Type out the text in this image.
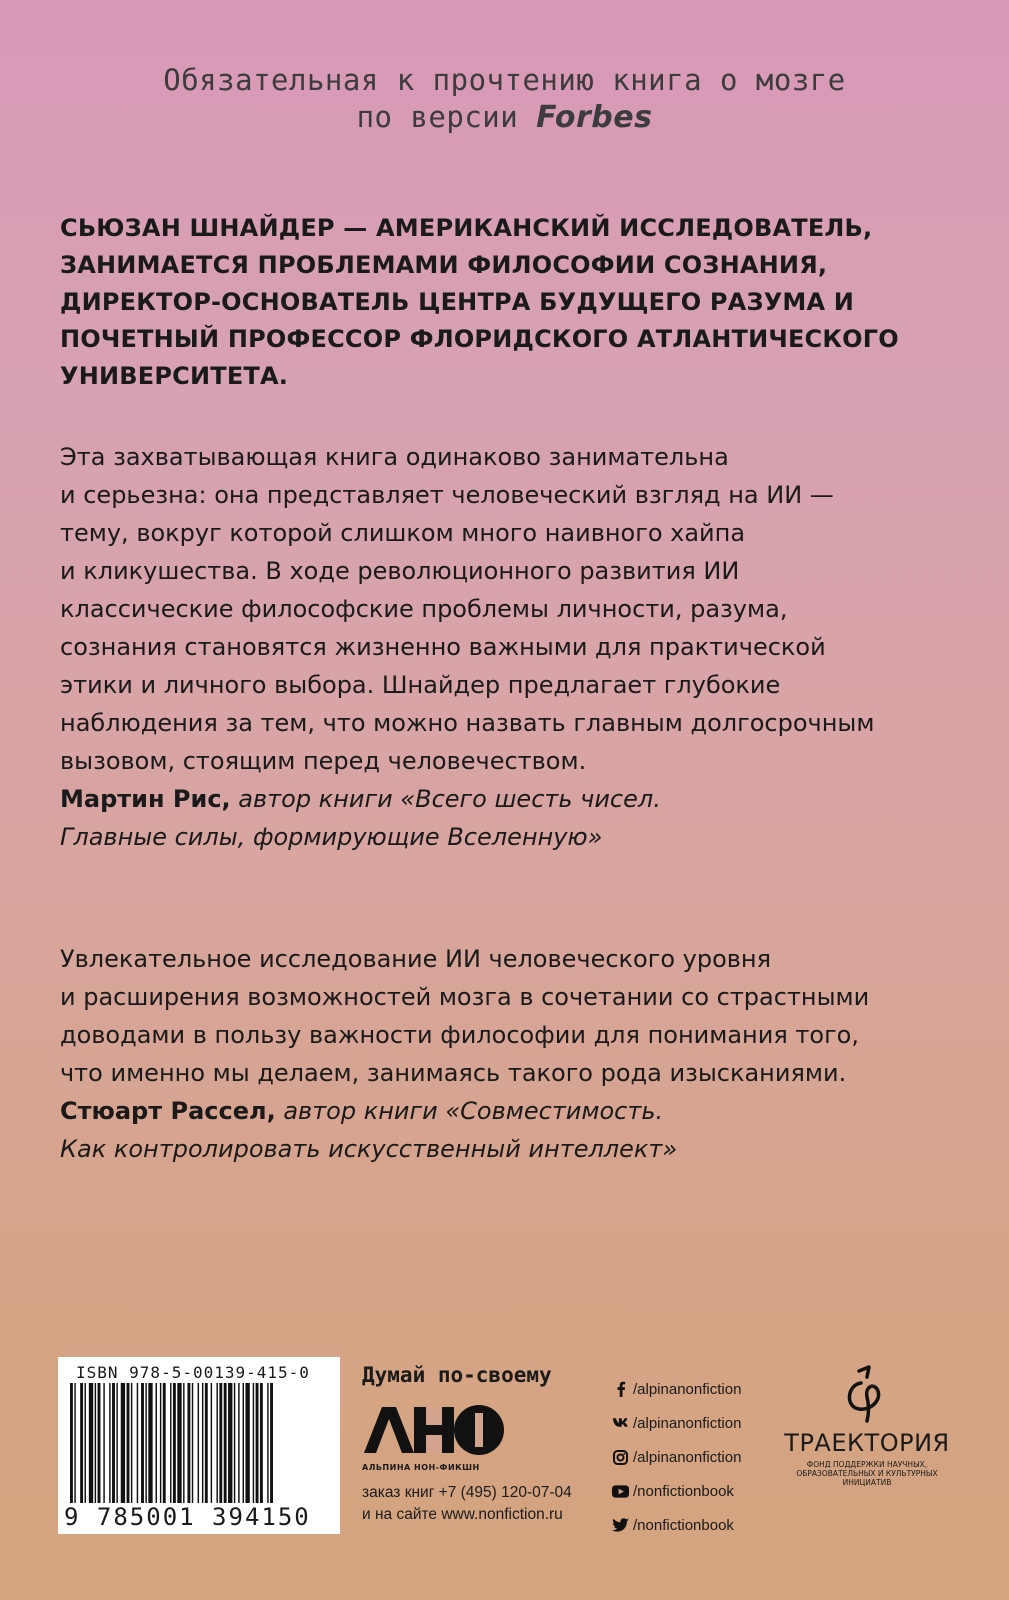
Обязательная к прочтению книга о мозге
по версии Forbes
СЬЮЗАН ШНАЙДЕР — АМЕРИКАНСКИЙ ИССЛЕДОВАТЕЛЬ, ЗАНИМАЕТСЯ ПРОБЛЕМАМИ ФИЛОСОФИИ СОЗНАНИЯ, ДИРЕКТОР-ОСНОВАТЕЛЬ ЦЕНТРА БУДУЩЕГО РАЗУМА И ПОЧЕТНЫЙ ПРОФЕССОР ФЛОРИДСКОГО АТЛАНТИЧЕСКОГО УНИВЕРСИТЕТА.

Эта захватывающая книга одинаково занимательна
и серьезна: она представляет человеческий взгляд на ИИ —
тему, вокруг которой слишком много наивного хайпа
и кликушества. В ходе революционного развития ИИ
классические философские проблемы личности, разума,
сознания становятся жизненно важными для практической
этики и личного выбора. Шнайдер предлагает глубокие
наблюдения за тем, что можно назвать главным долгосрочным
вызовом, стоящим перед человечеством.

Мартин Рис, автор книги «Всего шесть чисел.
Главные силы, формирующие Вселенную»

Увлекательное исследование ИИ человеческого уровня
и расширения возможностей мозга в сочетании со страстными
доводами в пользу важности философии для понимания того,
что именно мы делаем, занимаясь такого рода изысканиями.

Стюарт Рассел, автор книги «Совместимость.
Как контролировать искусственный интеллект»

ISBN 978-5-00139-415-0
9 785001 394150
Думай по-своему
АЛЬПИНА НОН-ФИКШН
заказ книг +7 (495) 120-07-04
и на сайте www.nonfiction.ru
/alpinanonfiction
/alpinanonfiction
/alpinanonfiction
/nonfictionbook
/nonfictionbook
ТРАЕКТОРИЯ
ФОНД ПОДДЕРЖКИ НАУЧНЫХ, ОБРАЗОВАТЕЛЬНЫХ И КУЛЬТУРНЫХ ИНИЦИАТИВ
